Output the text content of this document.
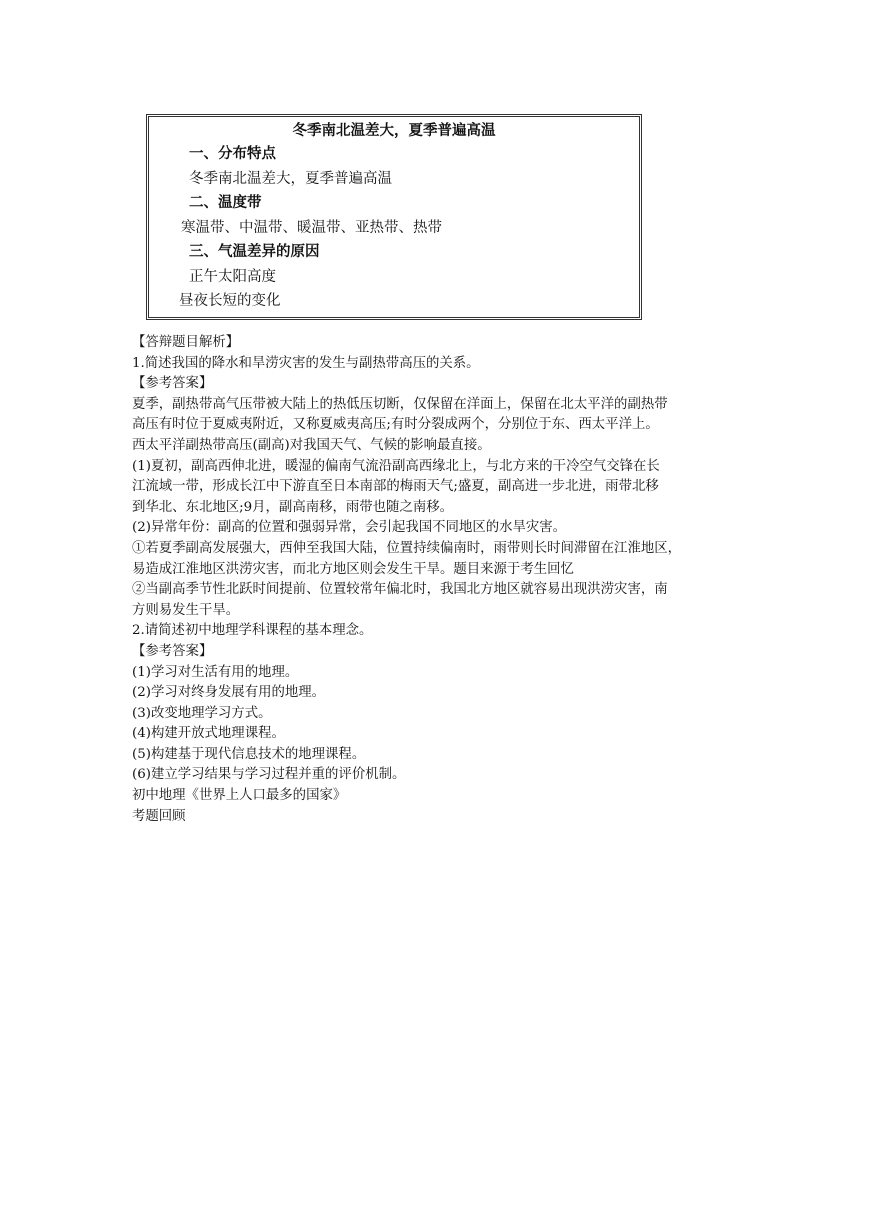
冬季南北温差大，夏季普遍高温
一、分布特点
冬季南北温差大，夏季普遍高温
二、温度带
寒温带、中温带、暖温带、亚热带、热带
三、气温差异的原因
正午太阳高度
昼夜长短的变化

【答辩题目解析】

1.简述我国的降水和旱涝灾害的发生与副热带高压的关系。

【参考答案】

夏季，副热带高气压带被大陆上的热低压切断，仅保留在洋面上，保留在北太平洋的副热带

高压有时位于夏威夷附近，又称夏威夷高压;有时分裂成两个，分别位于东、西太平洋上。

西太平洋副热带高压(副高)对我国天气、气候的影响最直接。

(1)夏初，副高西伸北进，暖湿的偏南气流沿副高西缘北上，与北方来的干冷空气交锋在长

江流域一带，形成长江中下游直至日本南部的梅雨天气;盛夏，副高进一步北进，雨带北移

到华北、东北地区;9月，副高南移，雨带也随之南移。

(2)异常年份：副高的位置和强弱异常，会引起我国不同地区的水旱灾害。

①若夏季副高发展强大，西伸至我国大陆，位置持续偏南时，雨带则长时间滞留在江淮地区，

易造成江淮地区洪涝灾害，而北方地区则会发生干旱。题目来源于考生回忆

②当副高季节性北跃时间提前、位置较常年偏北时，我国北方地区就容易出现洪涝灾害，南

方则易发生干旱。

2.请简述初中地理学科课程的基本理念。

【参考答案】

(1)学习对生活有用的地理。

(2)学习对终身发展有用的地理。

(3)改变地理学习方式。

(4)构建开放式地理课程。

(5)构建基于现代信息技术的地理课程。

(6)建立学习结果与学习过程并重的评价机制。

初中地理《世界上人口最多的国家》

考题回顾
